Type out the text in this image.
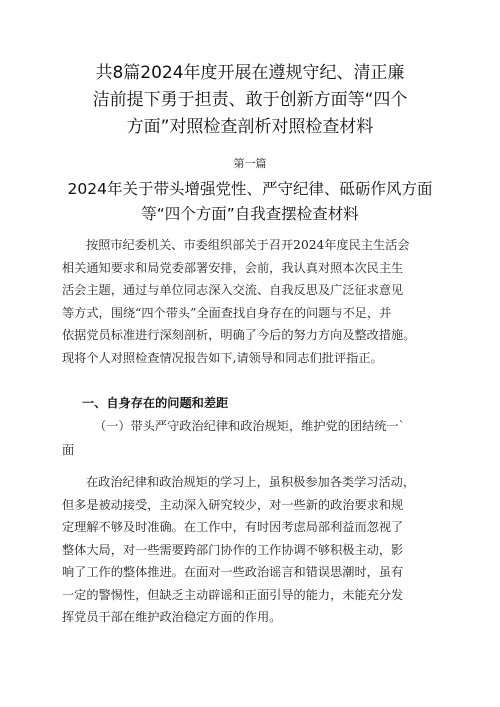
共8篇2024年度开展在遵规守纪、清正廉
洁前提下勇于担责、敢于创新方面等“四个
方面”对照检查剖析对照检查材料
第一篇
2024年关于带头增强党性、严守纪律、砥砺作风方面
等“四个方面”自我查摆检查材料
按照市纪委机关、市委组织部关于召开2024年度民主生活会
相关通知要求和局党委部署安排，会前，我认真对照本次民主生
活会主题，通过与单位同志深入交流、自我反思及广泛征求意见
等方式，围绕“四个带头”全面查找自身存在的问题与不足，并
依据党员标准进行深刻剖析，明确了今后的努力方向及整改措施。
现将个人对照检查情况报告如下,请领导和同志们批评指正。
一、自身存在的问题和差距
（一）带头严守政治纪律和政治规矩，维护党的团结统一`
面
在政治纪律和政治规矩的学习上，虽积极参加各类学习活动，
但多是被动接受，主动深入研究较少，对一些新的政治要求和规
定理解不够及时准确。在工作中，有时因考虑局部利益而忽视了
整体大局，对一些需要跨部门协作的工作协调不够积极主动，影
响了工作的整体推进。在面对一些政治谣言和错误思潮时，虽有
一定的警惕性，但缺乏主动辟谣和正面引导的能力，未能充分发
挥党员干部在维护政治稳定方面的作用。
